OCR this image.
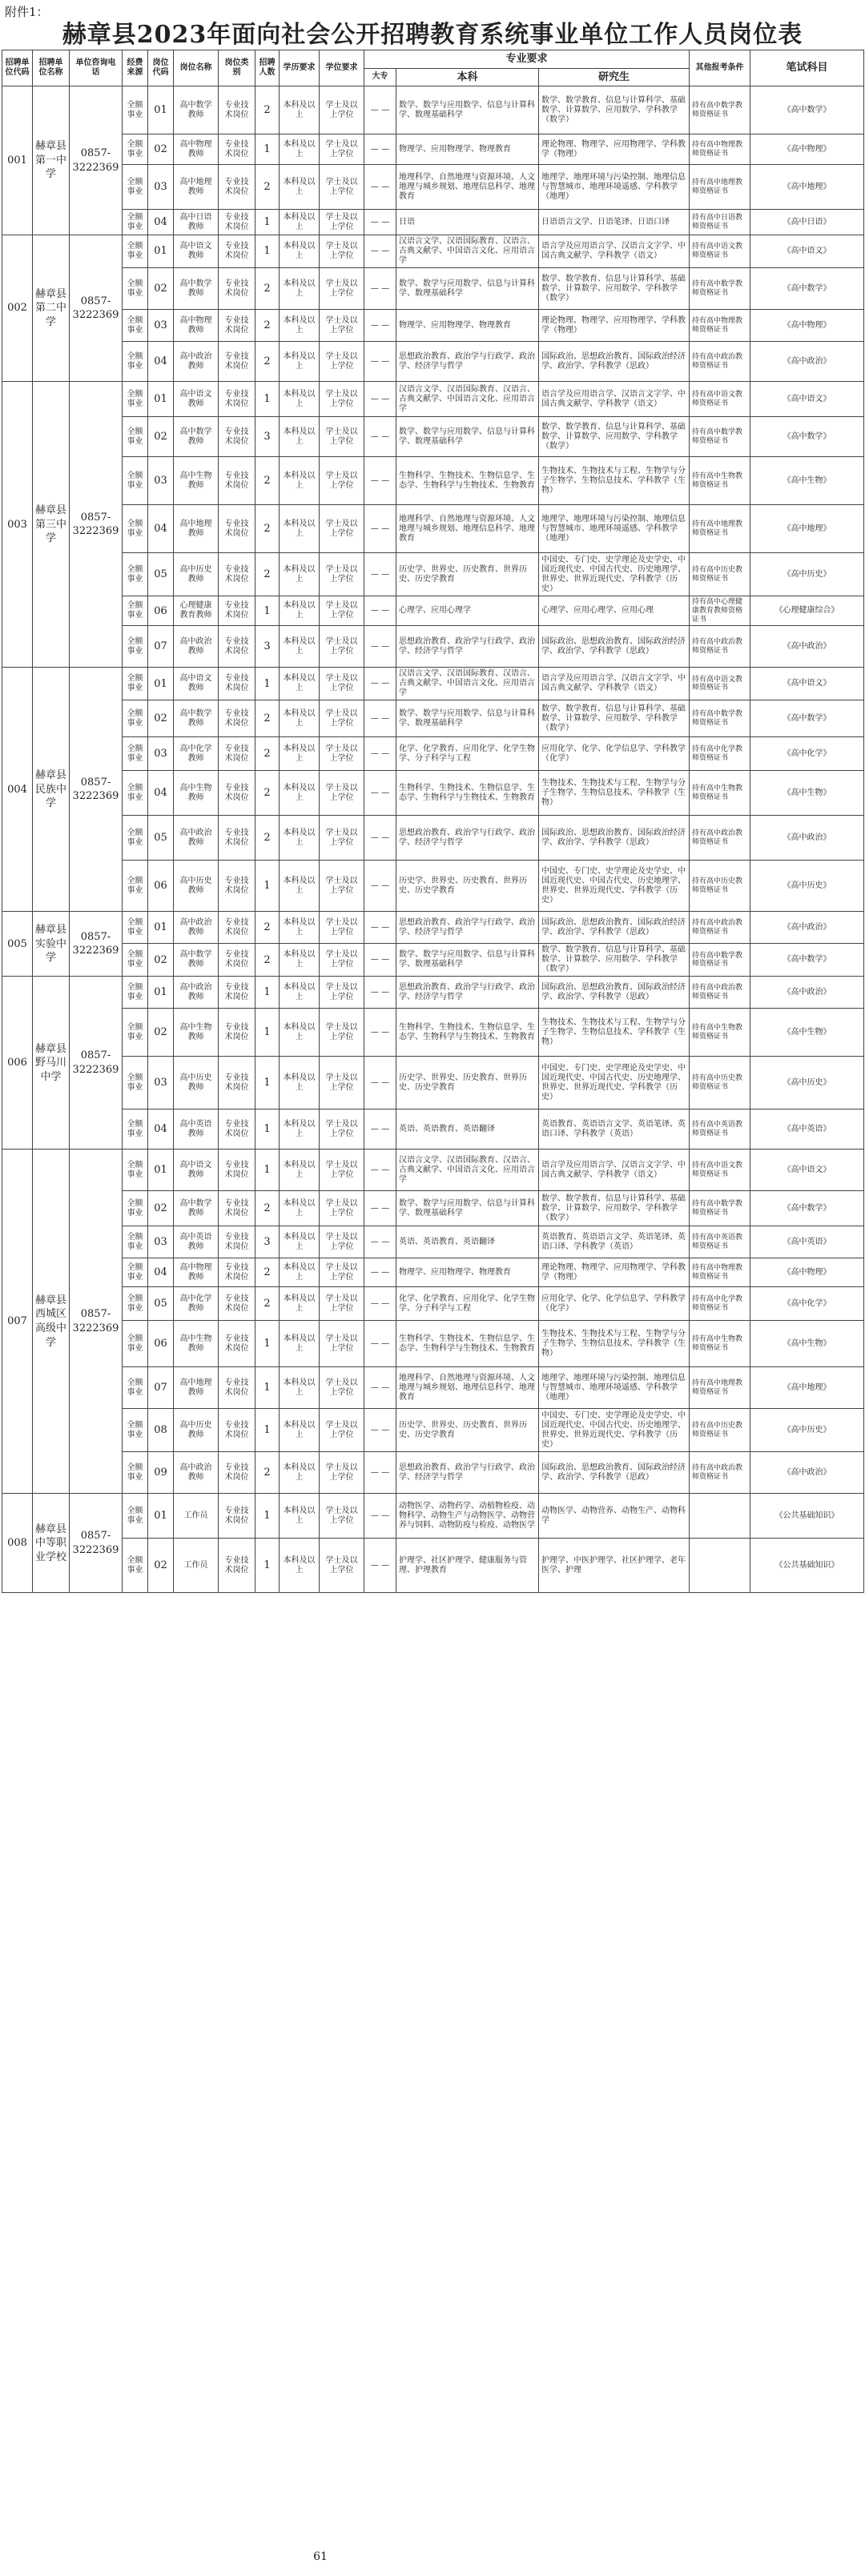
附件1：
赫章县2023年面向社会公开招聘教育系统事业单位工作人员岗位表
招聘单位代码	招聘单位名称	单位咨询电话	经费来源	岗位代码	岗位名称	岗位类别	招聘人数	学历要求	学位要求	专业要求			其他报考条件	笔试科目
										大专	本科	研究生		
001	赫章县第一中学	0857-3222369	全额事业	01	高中数学教师	专业技术岗位	2	本科及以上	学士及以上学位	— —	数学、数学与应用数学、信息与计算科学、数理基础科学	数学、数学教育、信息与计算科学、基础数学、计算数学、应用数学、学科教学（数学）	持有高中数学教师资格证书	《高中数学》
			全额事业	02	高中物理教师	专业技术岗位	1	本科及以上	学士及以上学位	— —	物理学、应用物理学、物理教育	理论物理、物理学、应用物理学、学科教学（物理）	持有高中物理教师资格证书	《高中物理》
			全额事业	03	高中地理教师	专业技术岗位	2	本科及以上	学士及以上学位	— —	地理科学、自然地理与资源环境、人文地理与城乡规划、地理信息科学、地理教育	地理学、地理环境与污染控制、地理信息与智慧城市、地理环境遥感、学科教学（地理）	持有高中地理教师资格证书	《高中地理》
			全额事业	04	高中日语教师	专业技术岗位	1	本科及以上	学士及以上学位	— —	日语	日语语言文学、日语笔译、日语口译	持有高中日语教师资格证书	《高中日语》
002	赫章县第二中学	0857-3222369	全额事业	01	高中语文教师	专业技术岗位	1	本科及以上	学士及以上学位	— —	汉语言文学、汉语国际教育、汉语言、古典文献学、中国语言文化、应用语言学	语言学及应用语言学、汉语言文字学、中国古典文献学、学科教学（语文）	持有高中语文教师资格证书	《高中语文》
			全额事业	02	高中数学教师	专业技术岗位	2	本科及以上	学士及以上学位	— —	数学、数学与应用数学、信息与计算科学、数理基础科学	数学、数学教育、信息与计算科学、基础数学、计算数学、应用数学、学科教学（数学）	持有高中数学教师资格证书	《高中数学》
			全额事业	03	高中物理教师	专业技术岗位	2	本科及以上	学士及以上学位	— —	物理学、应用物理学、物理教育	理论物理、物理学、应用物理学、学科教学（物理）	持有高中物理教师资格证书	《高中物理》
			全额事业	04	高中政治教师	专业技术岗位	2	本科及以上	学士及以上学位	— —	思想政治教育、政治学与行政学、政治学、经济学与哲学	国际政治、思想政治教育、国际政治经济学、政治学、学科教学（思政）	持有高中政治教师资格证书	《高中政治》
003	赫章县第三中学	0857-3222369	全额事业	01	高中语文教师	专业技术岗位	1	本科及以上	学士及以上学位	— —	汉语言文学、汉语国际教育、汉语言、古典文献学、中国语言文化、应用语言学	语言学及应用语言学、汉语言文字学、中国古典文献学、学科教学（语文）	持有高中语文教师资格证书	《高中语文》
			全额事业	02	高中数学教师	专业技术岗位	3	本科及以上	学士及以上学位	— —	数学、数学与应用数学、信息与计算科学、数理基础科学	数学、数学教育、信息与计算科学、基础数学、计算数学、应用数学、学科教学（数学）	持有高中数学教师资格证书	《高中数学》
			全额事业	03	高中生物教师	专业技术岗位	2	本科及以上	学士及以上学位	— —	生物科学、生物技术、生物信息学、生态学、生物科学与生物技术、生物教育	生物技术、生物技术与工程、生物学与分子生物学、生物信息技术、学科教学（生物）	持有高中生物教师资格证书	《高中生物》
			全额事业	04	高中地理教师	专业技术岗位	2	本科及以上	学士及以上学位	— —	地理科学、自然地理与资源环境、人文地理与城乡规划、地理信息科学、地理教育	地理学、地理环境与污染控制、地理信息与智慧城市、地理环境遥感、学科教学（地理）	持有高中地理教师资格证书	《高中地理》
			全额事业	05	高中历史教师	专业技术岗位	2	本科及以上	学士及以上学位	— —	历史学、世界史、历史教育、世界历史、历史学教育	中国史、专门史、史学理论及史学史、中国近现代史、中国古代史、历史地理学、世界史、世界近现代史、学科教学（历史）	持有高中历史教师资格证书	《高中历史》
			全额事业	06	心理健康教育教师	专业技术岗位	1	本科及以上	学士及以上学位	— —	心理学、应用心理学	心理学、应用心理学、应用心理	持有高中心理健康教育教师资格证书	《心理健康综合》
			全额事业	07	高中政治教师	专业技术岗位	3	本科及以上	学士及以上学位	— —	思想政治教育、政治学与行政学、政治学、经济学与哲学	国际政治、思想政治教育、国际政治经济学、政治学、学科教学（思政）	持有高中政治教师资格证书	《高中政治》
004	赫章县民族中学	0857-3222369	全额事业	01	高中语文教师	专业技术岗位	1	本科及以上	学士及以上学位	— —	汉语言文学、汉语国际教育、汉语言、古典文献学、中国语言文化、应用语言学	语言学及应用语言学、汉语言文字学、中国古典文献学、学科教学（语文）	持有高中语文教师资格证书	《高中语文》
			全额事业	02	高中数学教师	专业技术岗位	2	本科及以上	学士及以上学位	— —	数学、数学与应用数学、信息与计算科学、数理基础科学	数学、数学教育、信息与计算科学、基础数学、计算数学、应用数学、学科教学（数学）	持有高中数学教师资格证书	《高中数学》
			全额事业	03	高中化学教师	专业技术岗位	2	本科及以上	学士及以上学位	— —	化学、化学教育、应用化学、化学生物学、分子科学与工程	应用化学、化学、化学信息学、学科教学（化学）	持有高中化学教师资格证书	《高中化学》
			全额事业	04	高中生物教师	专业技术岗位	2	本科及以上	学士及以上学位	— —	生物科学、生物技术、生物信息学、生态学、生物科学与生物技术、生物教育	生物技术、生物技术与工程、生物学与分子生物学、生物信息技术、学科教学（生物）	持有高中生物教师资格证书	《高中生物》
			全额事业	05	高中政治教师	专业技术岗位	2	本科及以上	学士及以上学位	— —	思想政治教育、政治学与行政学、政治学、经济学与哲学	国际政治、思想政治教育、国际政治经济学、政治学、学科教学（思政）	持有高中政治教师资格证书	《高中政治》
			全额事业	06	高中历史教师	专业技术岗位	1	本科及以上	学士及以上学位	— —	历史学、世界史、历史教育、世界历史、历史学教育	中国史、专门史、史学理论及史学史、中国近现代史、中国古代史、历史地理学、世界史、世界近现代史、学科教学（历史）	持有高中历史教师资格证书	《高中历史》
005	赫章县实验中学	0857-3222369	全额事业	01	高中政治教师	专业技术岗位	2	本科及以上	学士及以上学位	— —	思想政治教育、政治学与行政学、政治学、经济学与哲学	国际政治、思想政治教育、国际政治经济学、政治学、学科教学（思政）	持有高中政治教师资格证书	《高中政治》
			全额事业	02	高中数学教师	专业技术岗位	2	本科及以上	学士及以上学位	— —	数学、数学与应用数学、信息与计算科学、数理基础科学	数学、数学教育、信息与计算科学、基础数学、计算数学、应用数学、学科教学（数学）	持有高中数学教师资格证书	《高中数学》
006	赫章县野马川中学	0857-3222369	全额事业	01	高中政治教师	专业技术岗位	1	本科及以上	学士及以上学位	— —	思想政治教育、政治学与行政学、政治学、经济学与哲学	国际政治、思想政治教育、国际政治经济学、政治学、学科教学（思政）	持有高中政治教师资格证书	《高中政治》
			全额事业	02	高中生物教师	专业技术岗位	1	本科及以上	学士及以上学位	— —	生物科学、生物技术、生物信息学、生态学、生物科学与生物技术、生物教育	生物技术、生物技术与工程、生物学与分子生物学、生物信息技术、学科教学（生物）	持有高中生物教师资格证书	《高中生物》
			全额事业	03	高中历史教师	专业技术岗位	1	本科及以上	学士及以上学位	— —	历史学、世界史、历史教育、世界历史、历史学教育	中国史、专门史、史学理论及史学史、中国近现代史、中国古代史、历史地理学、世界史、世界近现代史、学科教学（历史）	持有高中历史教师资格证书	《高中历史》
			全额事业	04	高中英语教师	专业技术岗位	1	本科及以上	学士及以上学位	— —	英语、英语教育、英语翻译	英语教育、英语语言文学、英语笔译、英语口译、学科教学（英语）	持有高中英语教师资格证书	《高中英语》
007	赫章县西城区高级中学	0857-3222369	全额事业	01	高中语文教师	专业技术岗位	1	本科及以上	学士及以上学位	— —	汉语言文学、汉语国际教育、汉语言、古典文献学、中国语言文化、应用语言学	语言学及应用语言学、汉语言文字学、中国古典文献学、学科教学（语文）	持有高中语文教师资格证书	《高中语文》
			全额事业	02	高中数学教师	专业技术岗位	2	本科及以上	学士及以上学位	— —	数学、数学与应用数学、信息与计算科学、数理基础科学	数学、数学教育、信息与计算科学、基础数学、计算数学、应用数学、学科教学（数学）	持有高中数学教师资格证书	《高中数学》
			全额事业	03	高中英语教师	专业技术岗位	3	本科及以上	学士及以上学位	— —	英语、英语教育、英语翻译	英语教育、英语语言文学、英语笔译、英语口译、学科教学（英语）	持有高中英语教师资格证书	《高中英语》
			全额事业	04	高中物理教师	专业技术岗位	2	本科及以上	学士及以上学位	— —	物理学、应用物理学、物理教育	理论物理、物理学、应用物理学、学科教学（物理）	持有高中物理教师资格证书	《高中物理》
			全额事业	05	高中化学教师	专业技术岗位	2	本科及以上	学士及以上学位	— —	化学、化学教育、应用化学、化学生物学、分子科学与工程	应用化学、化学、化学信息学、学科教学（化学）	持有高中化学教师资格证书	《高中化学》
			全额事业	06	高中生物教师	专业技术岗位	1	本科及以上	学士及以上学位	— —	生物科学、生物技术、生物信息学、生态学、生物科学与生物技术、生物教育	生物技术、生物技术与工程、生物学与分子生物学、生物信息技术、学科教学（生物）	持有高中生物教师资格证书	《高中生物》
			全额事业	07	高中地理教师	专业技术岗位	1	本科及以上	学士及以上学位	— —	地理科学、自然地理与资源环境、人文地理与城乡规划、地理信息科学、地理教育	地理学、地理环境与污染控制、地理信息与智慧城市、地理环境遥感、学科教学（地理）	持有高中地理教师资格证书	《高中地理》
			全额事业	08	高中历史教师	专业技术岗位	1	本科及以上	学士及以上学位	— —	历史学、世界史、历史教育、世界历史、历史学教育	中国史、专门史、史学理论及史学史、中国近现代史、中国古代史、历史地理学、世界史、世界近现代史、学科教学（历史）	持有高中历史教师资格证书	《高中历史》
			全额事业	09	高中政治教师	专业技术岗位	2	本科及以上	学士及以上学位	— —	思想政治教育、政治学与行政学、政治学、经济学与哲学	国际政治、思想政治教育、国际政治经济学、政治学、学科教学（思政）	持有高中政治教师资格证书	《高中政治》
008	赫章县中等职业学校	0857-3222369	全额事业	01	工作员	专业技术岗位	1	本科及以上	学士及以上学位	— —	动物医学、动物药学、动植物检疫、动物科学、动物生产与动物医学、动物营养与饲料、动物防疫与检疫、动物医学	动物医学、动物营养、动物生产、动物科学		《公共基础知识》
			全额事业	02	工作员	专业技术岗位	1	本科及以上	学士及以上学位	— —	护理学、社区护理学、健康服务与管理、护理教育	护理学、中医护理学、社区护理学、老年医学、护理		《公共基础知识》
61
